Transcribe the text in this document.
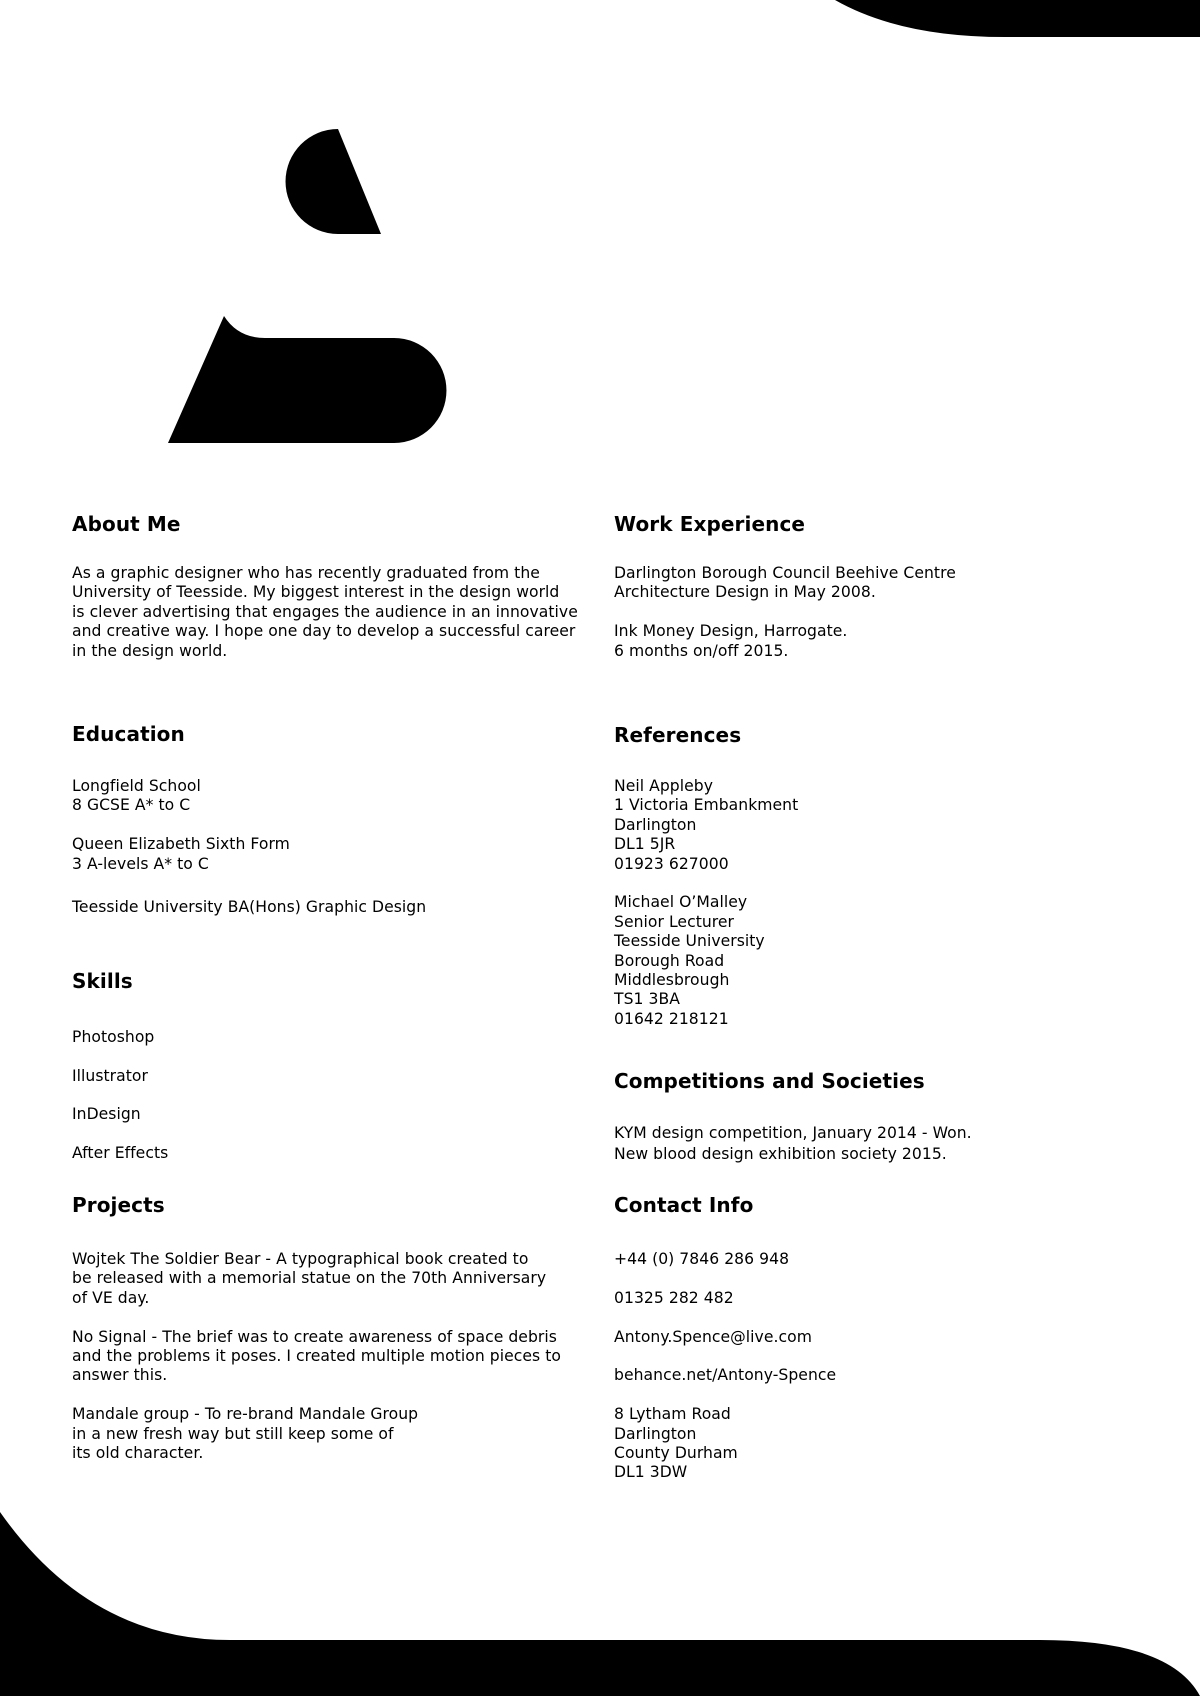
About Me
As a graphic designer who has recently graduated from the
University of Teesside. My biggest interest in the design world
is clever advertising that engages the audience in an innovative
and creative way. I hope one day to develop a successful career
in the design world.
Education
Longfield School
8 GCSE A* to C
Queen Elizabeth Sixth Form
3 A-levels A* to C
Teesside University BA(Hons) Graphic Design
Skills
Photoshop
Illustrator
InDesign
After Effects
Projects
Wojtek The Soldier Bear - A typographical book created to
be released with a memorial statue on the 70th Anniversary
of VE day.
No Signal - The brief was to create awareness of space debris
and the problems it poses. I created multiple motion pieces to
answer this.
Mandale group - To re-brand Mandale Group
in a new fresh way but still keep some of
its old character.
Work Experience
Darlington Borough Council Beehive Centre
Architecture Design in May 2008.
Ink Money Design, Harrogate.
6 months on/off 2015.
References
Neil Appleby
1 Victoria Embankment
Darlington
DL1 5JR
01923 627000
Michael O’Malley
Senior Lecturer
Teesside University
Borough Road
Middlesbrough
TS1 3BA
01642 218121
Competitions and Societies
KYM design competition, January 2014 - Won.
New blood design exhibition society 2015.
Contact Info
+44 (0) 7846 286 948
01325 282 482
Antony.Spence@live.com
behance.net/Antony-Spence
8 Lytham Road
Darlington
County Durham
DL1 3DW
